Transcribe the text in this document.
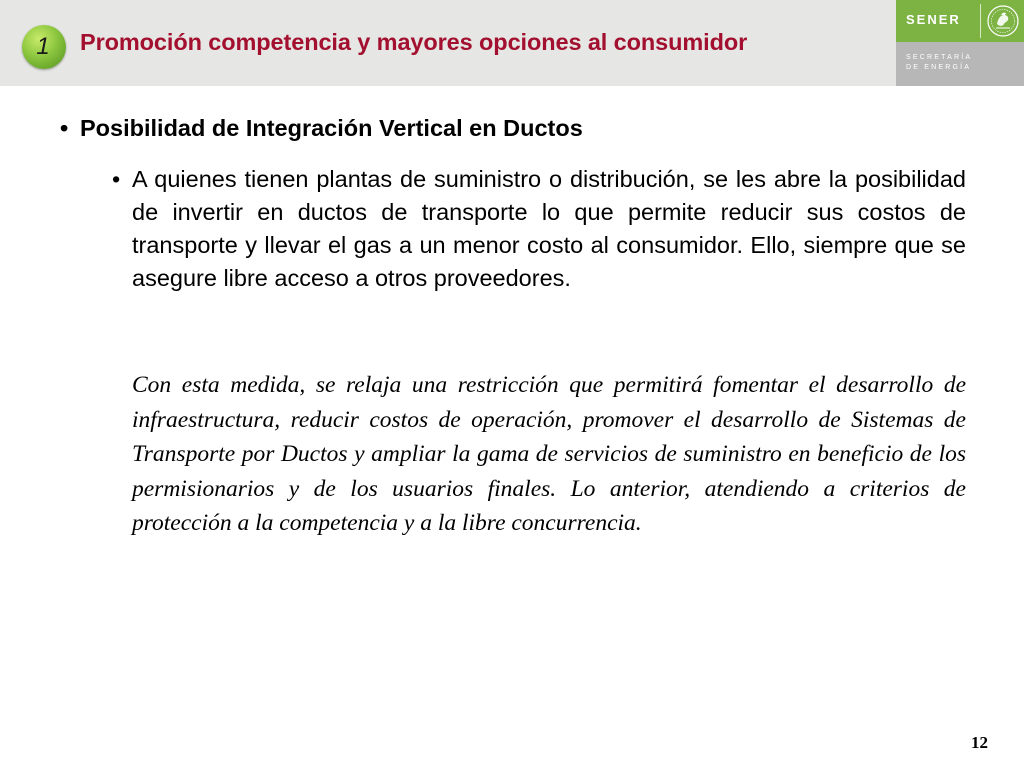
1 Promoción competencia y mayores opciones al consumidor
SENER
SECRETARÍA
DE ENERGÍA
• Posibilidad de Integración Vertical en Ductos
• A quienes tienen plantas de suministro o distribución, se les abre la posibilidad de invertir en ductos de transporte lo que permite reducir sus costos de transporte y llevar el gas a un menor costo al consumidor. Ello, siempre que se asegure libre acceso a otros proveedores.

Con esta medida, se relaja una restricción que permitirá fomentar el desarrollo de infraestructura, reducir costos de operación, promover el desarrollo de Sistemas de Transporte por Ductos y ampliar la gama de servicios de suministro en beneficio de los permisionarios y de los usuarios finales. Lo anterior, atendiendo a criterios de protección a la competencia y a la libre concurrencia.
12
